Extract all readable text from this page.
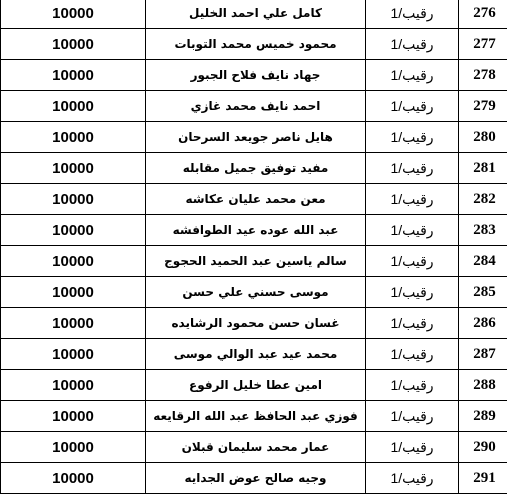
276	رقيب/1	كامل علي احمد الخليل	10000
277	رقيب/1	محمود خميس محمد التوبات	10000
278	رقيب/1	جهاد نايف فلاح الجبور	10000
279	رقيب/1	احمد نايف محمد غازي	10000
280	رقيب/1	هايل ناصر جويعد السرحان	10000
281	رقيب/1	مفيد توفيق جميل مقابله	10000
282	رقيب/1	معن محمد عليان عكاشه	10000
283	رقيب/1	عبد الله عوده عيد الطوافشه	10000
284	رقيب/1	سالم ياسين عبد الحميد الحجوج	10000
285	رقيب/1	موسى حسني علي حسن	10000
286	رقيب/1	غسان حسن محمود الرشايده	10000
287	رقيب/1	محمد عيد عبد الوالي موسى	10000
288	رقيب/1	امين عطا خليل الرفوع	10000
289	رقيب/1	فوزي عبد الحافظ عبد الله الرقايعه	10000
290	رقيب/1	عمار محمد سليمان قبلان	10000
291	رقيب/1	وجيه صالح عوض الجدايه	10000
